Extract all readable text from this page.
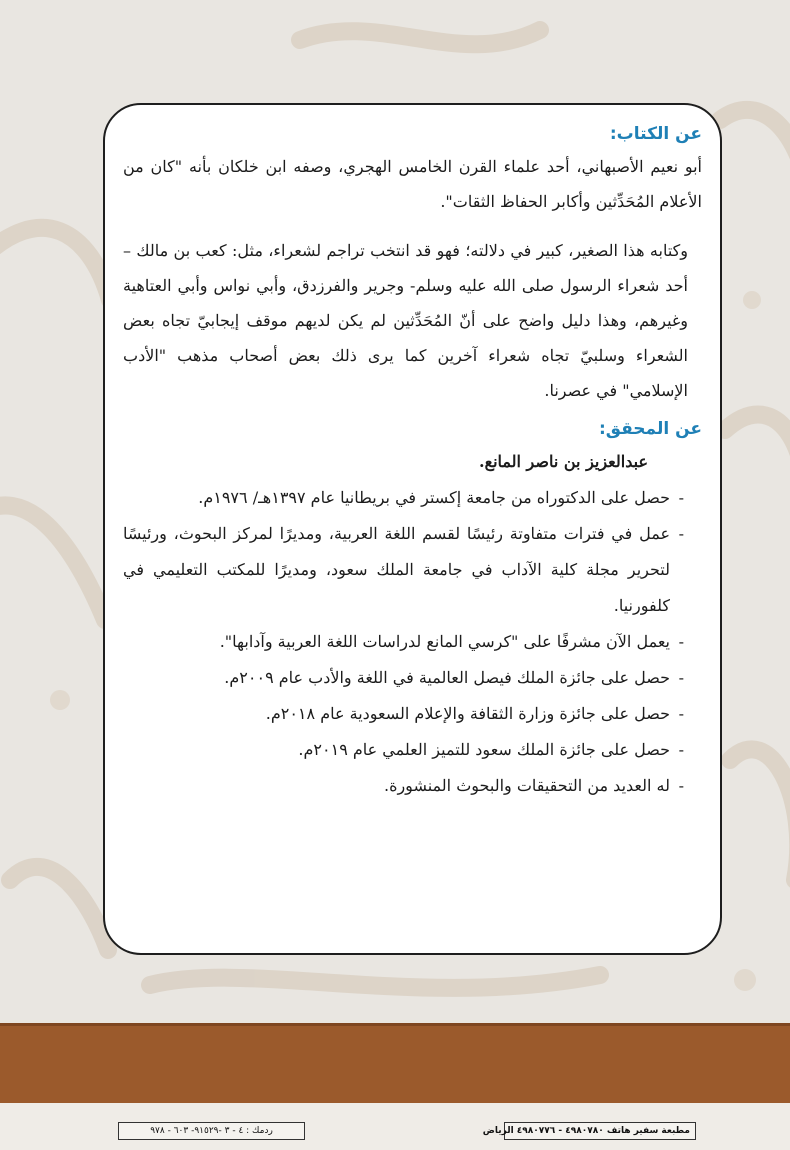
عن الكتاب:

أبو نعيم الأصبهاني، أحد علماء القرن الخامس الهجري، وصفه ابن خلكان بأنه "كان من الأعلام المُحَدِّثين وأكابر الحفاظ الثقات".

وكتابه هذا الصغير، كبير في دلالته؛ فهو قد انتخب تراجم لشعراء، مثل: كعب بن مالك – أحد شعراء الرسول صلى الله عليه وسلم- وجرير والفرزدق، وأبي نواس وأبي العتاهية وغيرهم، وهذا دليل واضح على أنّ المُحَدِّثين لم يكن لديهم موقف إيجابيّ تجاه بعض الشعراء وسلبيّ تجاه شعراء آخرين كما يرى ذلك بعض أصحاب مذهب "الأدب الإسلامي" في عصرنا.

عن المحقق:

عبدالعزيز بن ناصر المانع.

-
حصل على الدكتوراه من جامعة إكستر في بريطانيا عام ١٣٩٧هـ/ ١٩٧٦م.
-
عمل في فترات متفاوتة رئيسًا لقسم اللغة العربية، ومديرًا لمركز البحوث، ورئيسًا لتحرير مجلة كلية الآداب في جامعة الملك سعود، ومديرًا للمكتب التعليمي في كلفورنيا.
-
يعمل الآن مشرفًا على "كرسي المانع لدراسات اللغة العربية وآدابها".
-
حصل على جائزة الملك فيصل العالمية في اللغة والأدب عام ٢٠٠٩م.
-
حصل على جائزة وزارة الثقافة والإعلام السعودية عام ٢٠١٨م.
-
حصل على جائزة الملك سعود للتميز العلمي عام ٢٠١٩م.
-
له العديد من التحقيقات والبحوث المنشورة.
ردمك : ٤ - ٣ -٩١٥٢٩- ٦٠٣ - ٩٧٨	مطبعة سفير هاتف ٤٩٨٠٧٨٠ - ٤٩٨٠٧٧٦ الرياض
